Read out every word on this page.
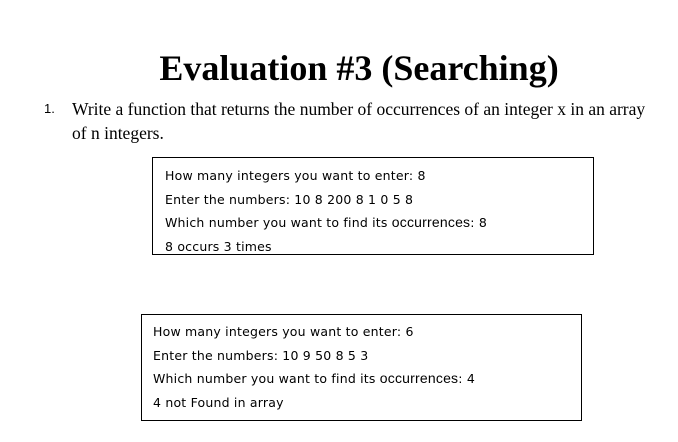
Evaluation #3 (Searching)
1. Write a function that returns the number of occurrences of an integer x in an array of n integers.
How many integers you want to enter: 8
Enter the numbers: 10 8 200 8 1 0 5 8
Which number you want to find its occurrences: 8
8 occurs 3 times
How many integers you want to enter: 6
Enter the numbers: 10 9 50 8 5 3
Which number you want to find its occurrences: 4
4 not Found in array
